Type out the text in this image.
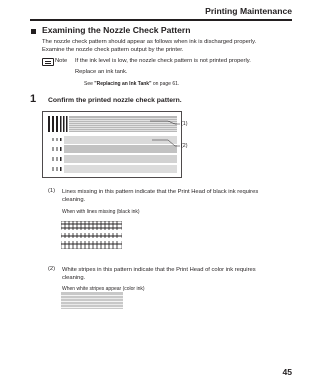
Printing Maintenance
Examining the Nozzle Check Pattern
The nozzle check pattern should appear as follows when ink is discharged properly.
Examine the nozzle check pattern output by the printer.
Note If the ink level is low, the nozzle check pattern is not printed properly.
Replace an ink tank.
See "Replacing an Ink Tank" on page 61.
1 Confirm the printed nozzle check pattern.
(1)
(2)
(1) Lines missing in this pattern indicate that the Print Head of black ink requires
cleaning.
When with lines missing (black ink)
(2) White stripes in this pattern indicate that the Print Head of color ink requires
cleaning.
When white stripes appear (color ink)
45
